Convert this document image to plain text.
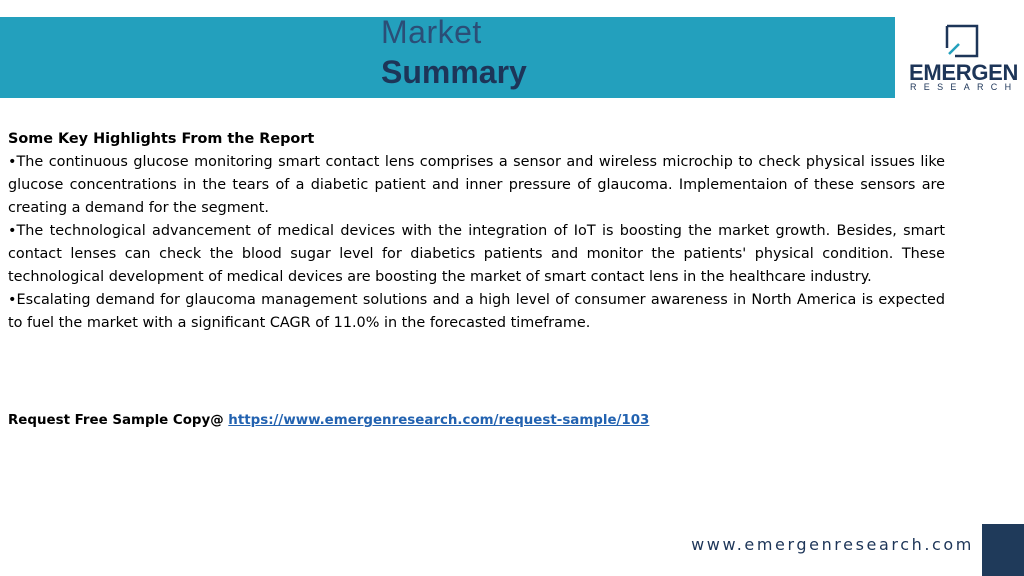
Market
Summary	EMERGEN
RESEARCH

Some Key Highlights From the Report

•The continuous glucose monitoring smart contact lens comprises a sensor and wireless microchip to check physical issues like glucose concentrations in the tears of a diabetic patient and inner pressure of glaucoma. Implementaion of these sensors are creating a demand for the segment.

•The technological advancement of medical devices with the integration of IoT is boosting the market growth. Besides, smart contact lenses can check the blood sugar level for diabetics patients and monitor the patients' physical condition. These technological development of medical devices are boosting the market of smart contact lens in the healthcare industry.

•Escalating demand for glaucoma management solutions and a high level of consumer awareness in North America is expected to fuel the market with a significant CAGR of 11.0% in the forecasted timeframe.

Request Free Sample Copy@ https://www.emergenresearch.com/request-sample/103
www.emergenresearch.com
